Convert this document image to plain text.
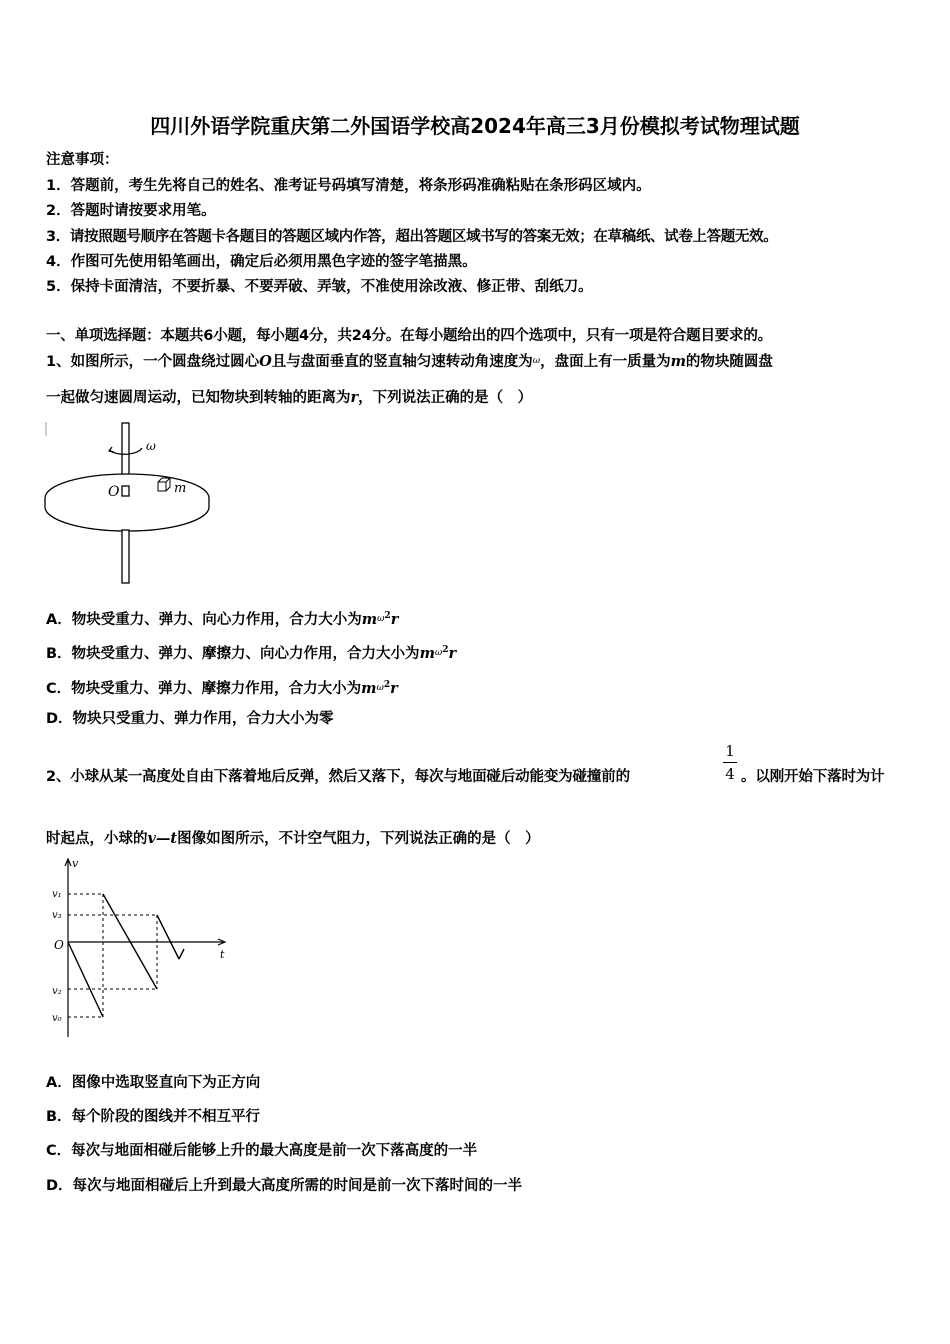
四川外语学院重庆第二外国语学校高2024年高三3月份模拟考试物理试题
注意事项：
1．答题前，考生先将自己的姓名、准考证号码填写清楚，将条形码准确粘贴在条形码区域内。
2．答题时请按要求用笔。
3．请按照题号顺序在答题卡各题目的答题区域内作答，超出答题区域书写的答案无效；在草稿纸、试卷上答题无效。
4．作图可先使用铅笔画出，确定后必须用黑色字迹的签字笔描黑。
5．保持卡面清洁，不要折暴、不要弄破、弄皱，不准使用涂改液、修正带、刮纸刀。
一、单项选择题：本题共6小题，每小题4分，共24分。在每小题给出的四个选项中，只有一项是符合题目要求的。
1、如图所示，一个圆盘绕过圆心O且与盘面垂直的竖直轴匀速转动角速度为$^\omega$，盘面上有一质量为m的物块随圆盘
一起做匀速圆周运动，已知物块到转轴的距离为r，下列说法正确的是（　）
ω
O	m
A．物块受重力、弹力、向心力作用，合力大小为$m^{\omega 2}r$
B．物块受重力、弹力、摩擦力、向心力作用，合力大小为$m^{\omega 2}r$
C．物块受重力、弹力、摩擦力作用，合力大小为$m^{\omega 2}r$
D．物块只受重力、弹力作用，合力大小为零
2、小球从某一高度处自由下落着地后反弹，然后又落下，每次与地面碰后动能变为碰撞前的
1
4 。以刚开始下落时为计
时起点，小球的v—t图像如图所示，不计空气阻力，下列说法正确的是（　）
v
t
O
v₁
v₃
v₂
v₀
A．图像中选取竖直向下为正方向
B．每个阶段的图线并不相互平行
C．每次与地面相碰后能够上升的最大高度是前一次下落高度的一半
D．每次与地面相碰后上升到最大高度所需的时间是前一次下落时间的一半
